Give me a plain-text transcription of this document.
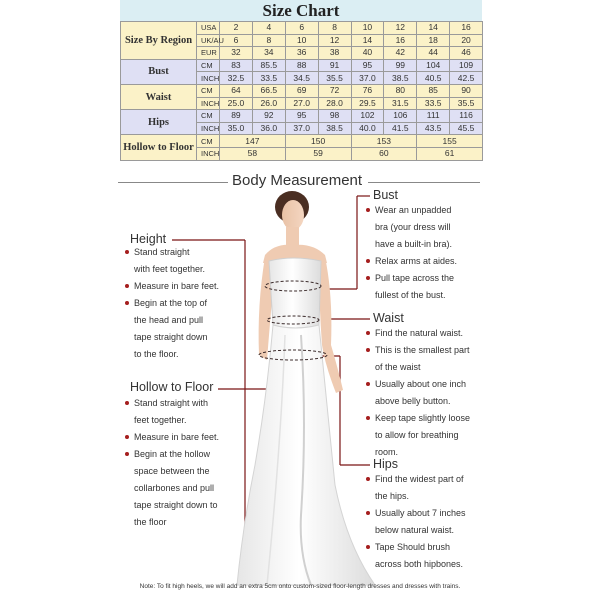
Size Chart
Size By Region	USA	2	4	6	8	10	12	14	16
	UK/AU	6	8	10	12	14	16	18	20
	EUR	32	34	36	38	40	42	44	46
Bust	CM	83	85.5	88	91	95	99	104	109
	INCH	32.5	33.5	34.5	35.5	37.0	38.5	40.5	42.5
Waist	CM	64	66.5	69	72	76	80	85	90
	INCH	25.0	26.0	27.0	28.0	29.5	31.5	33.5	35.5
Hips	CM	89	92	95	98	102	106	111	116
	INCH	35.0	36.0	37.0	38.5	40.0	41.5	43.5	45.5
Hollow to Floor	CM	147		150		153		155	
	INCH	58		59		60		61	
Body Measurement
Height
Stand straight
with feet together.
Measure in bare feet.
Begin at the top of
the head and pull
tape straight down
to the floor.
Hollow to Floor
Stand straight with
feet together.
Measure in bare feet.
Begin at the hollow
space between the
collarbones and pull
tape straight down to
the floor
Bust
Wear an unpadded
bra (your dress will
have a built-in bra).
Relax arms at aides.
Pull tape across the
fullest of the bust.
Waist
Find the natural waist.
This is the smallest part
of the waist
Usually about one inch
above belly button.
Keep tape slightly loose
to allow for breathing
room.
Hips
Find the widest part of
the hips.
Usually about 7 inches
below natural waist.
Tape Should brush
across both hipbones.
Note: To fit high heels, we will add an extra 5cm onto custom-sized floor-length dresses and dresses with trains.
